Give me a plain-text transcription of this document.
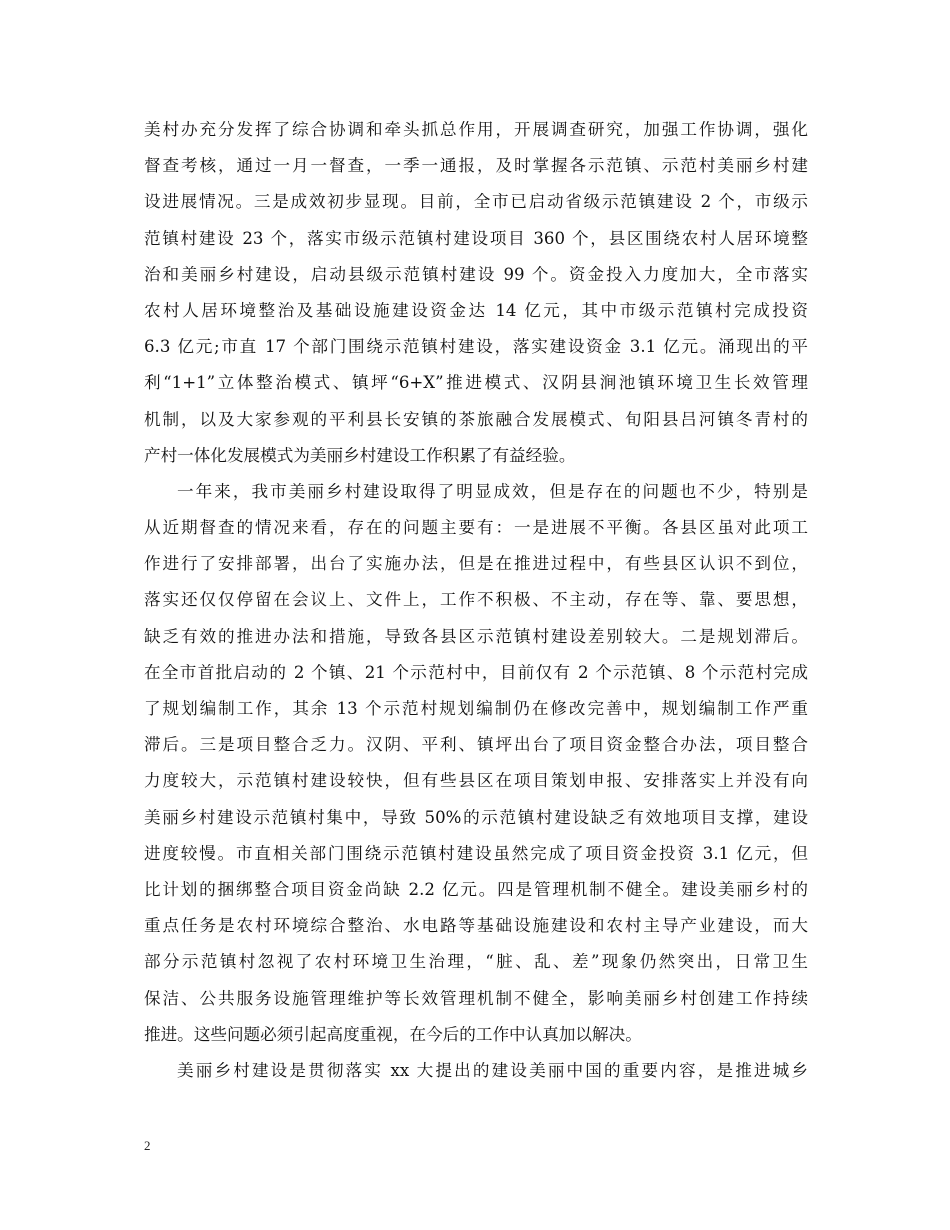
美村办充分发挥了综合协调和牵头抓总作用，开展调查研究，加强工作协调，强化
督查考核，通过一月一督查，一季一通报，及时掌握各示范镇、示范村美丽乡村建
设进展情况。三是成效初步显现。目前，全市已启动省级示范镇建设 2 个，市级示
范镇村建设 23 个，落实市级示范镇村建设项目 360 个，县区围绕农村人居环境整
治和美丽乡村建设，启动县级示范镇村建设 99 个。资金投入力度加大，全市落实
农村人居环境整治及基础设施建设资金达 14 亿元，其中市级示范镇村完成投资
6.3 亿元;市直 17 个部门围绕示范镇村建设，落实建设资金 3.1 亿元。涌现出的平
利“1+1”立体整治模式、镇坪“6+X”推进模式、汉阴县涧池镇环境卫生长效管理
机制，以及大家参观的平利县长安镇的茶旅融合发展模式、旬阳县吕河镇冬青村的
产村一体化发展模式为美丽乡村建设工作积累了有益经验。
一年来，我市美丽乡村建设取得了明显成效，但是存在的问题也不少，特别是
从近期督查的情况来看，存在的问题主要有：一是进展不平衡。各县区虽对此项工
作进行了安排部署，出台了实施办法，但是在推进过程中，有些县区认识不到位，
落实还仅仅停留在会议上、文件上，工作不积极、不主动，存在等、靠、要思想，
缺乏有效的推进办法和措施，导致各县区示范镇村建设差别较大。二是规划滞后。
在全市首批启动的 2 个镇、21 个示范村中，目前仅有 2 个示范镇、8 个示范村完成
了规划编制工作，其余 13 个示范村规划编制仍在修改完善中，规划编制工作严重
滞后。三是项目整合乏力。汉阴、平利、镇坪出台了项目资金整合办法，项目整合
力度较大，示范镇村建设较快，但有些县区在项目策划申报、安排落实上并没有向
美丽乡村建设示范镇村集中，导致 50%的示范镇村建设缺乏有效地项目支撑，建设
进度较慢。市直相关部门围绕示范镇村建设虽然完成了项目资金投资 3.1 亿元，但
比计划的捆绑整合项目资金尚缺 2.2 亿元。四是管理机制不健全。建设美丽乡村的
重点任务是农村环境综合整治、水电路等基础设施建设和农村主导产业建设，而大
部分示范镇村忽视了农村环境卫生治理，“脏、乱、差”现象仍然突出，日常卫生
保洁、公共服务设施管理维护等长效管理机制不健全，影响美丽乡村创建工作持续
推进。这些问题必须引起高度重视，在今后的工作中认真加以解决。
美丽乡村建设是贯彻落实 xx 大提出的建设美丽中国的重要内容，是推进城乡
2
